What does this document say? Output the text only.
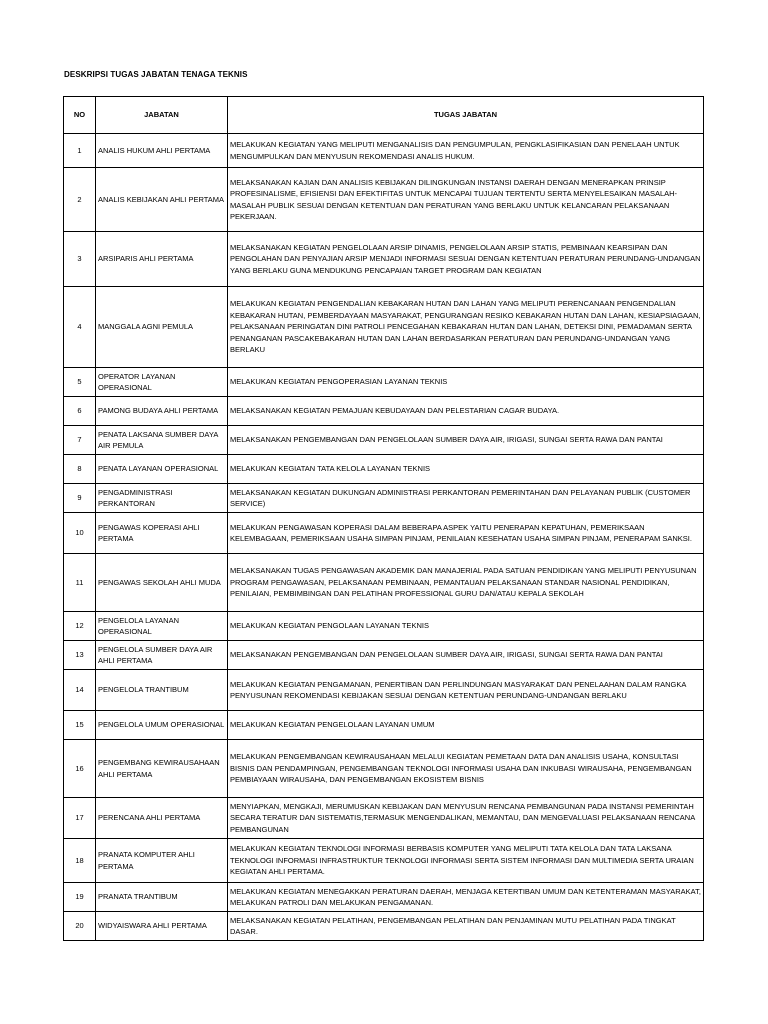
DESKRIPSI TUGAS JABATAN TENAGA TEKNIS
NO	JABATAN	TUGAS JABATAN
1	ANALIS HUKUM AHLI PERTAMA	MELAKUKAN KEGIATAN YANG MELIPUTI MENGANALISIS DAN PENGUMPULAN, PENGKLASIFIKASIAN DAN PENELAAH UNTUK MENGUMPULKAN DAN MENYUSUN REKOMENDASI ANALIS HUKUM.
2	ANALIS KEBIJAKAN AHLI PERTAMA	MELAKSANAKAN KAJIAN DAN ANALISIS KEBIJAKAN DILINGKUNGAN INSTANSI DAERAH DENGAN MENERAPKAN PRINSIP PROFESINALISME, EFISIENSI DAN EFEKTIFITAS UNTUK MENCAPAI TUJUAN TERTENTU SERTA MENYELESAIKAN MASALAH-MASALAH PUBLIK SESUAI DENGAN KETENTUAN DAN PERATURAN YANG BERLAKU UNTUK KELANCARAN PELAKSANAAN PEKERJAAN.
3	ARSIPARIS AHLI PERTAMA	MELAKSANAKAN KEGIATAN PENGELOLAAN ARSIP DINAMIS, PENGELOLAAN ARSIP STATIS, PEMBINAAN KEARSIPAN DAN PENGOLAHAN DAN PENYAJIAN ARSIP MENJADI INFORMASI SESUAI DENGAN KETENTUAN PERATURAN PERUNDANG-UNDANGAN YANG BERLAKU GUNA MENDUKUNG PENCAPAIAN TARGET PROGRAM DAN KEGIATAN
4	MANGGALA AGNI PEMULA	MELAKUKAN KEGIATAN PENGENDALIAN KEBAKARAN HUTAN DAN LAHAN YANG MELIPUTI PERENCANAAN PENGENDALIAN KEBAKARAN HUTAN, PEMBERDAYAAN MASYARAKAT, PENGURANGAN RESIKO KEBAKARAN HUTAN DAN LAHAN, KESIAPSIAGAAN, PELAKSANAAN PERINGATAN DINI PATROLI PENCEGAHAN KEBAKARAN HUTAN DAN LAHAN, DETEKSI DINI, PEMADAMAN SERTA PENANGANAN PASCAKEBAKARAN HUTAN DAN LAHAN BERDASARKAN PERATURAN DAN PERUNDANG-UNDANGAN YANG BERLAKU
5	OPERATOR LAYANAN OPERASIONAL	MELAKUKAN KEGIATAN PENGOPERASIAN LAYANAN TEKNIS
6	PAMONG BUDAYA AHLI PERTAMA	MELAKSANAKAN KEGIATAN PEMAJUAN KEBUDAYAAN DAN PELESTARIAN CAGAR BUDAYA.
7	PENATA LAKSANA SUMBER DAYA AIR PEMULA	MELAKSANAKAN PENGEMBANGAN DAN PENGELOLAAN SUMBER DAYA AIR, IRIGASI, SUNGAI SERTA RAWA DAN PANTAI
8	PENATA LAYANAN OPERASIONAL	MELAKUKAN KEGIATAN TATA KELOLA LAYANAN TEKNIS
9	PENGADMINISTRASI PERKANTORAN	MELAKSANAKAN KEGIATAN DUKUNGAN ADMINISTRASI PERKANTORAN PEMERINTAHAN DAN PELAYANAN PUBLIK (CUSTOMER SERVICE)
10	PENGAWAS KOPERASI AHLI PERTAMA	MELAKUKAN PENGAWASAN KOPERASI DALAM BEBERAPA ASPEK YAITU PENERAPAN KEPATUHAN, PEMERIKSAAN KELEMBAGAAN, PEMERIKSAAN USAHA SIMPAN PINJAM, PENILAIAN KESEHATAN USAHA SIMPAN PINJAM, PENERAPAM SANKSI.
11	PENGAWAS SEKOLAH AHLI MUDA	MELAKSANAKAN TUGAS PENGAWASAN AKADEMIK DAN MANAJERIAL PADA SATUAN PENDIDIKAN YANG MELIPUTI PENYUSUNAN PROGRAM PENGAWASAN, PELAKSANAAN PEMBINAAN, PEMANTAUAN PELAKSANAAN STANDAR NASIONAL PENDIDIKAN, PENILAIAN, PEMBIMBINGAN DAN PELATIHAN PROFESSIONAL GURU DAN/ATAU KEPALA SEKOLAH
12	PENGELOLA LAYANAN OPERASIONAL	MELAKUKAN KEGIATAN PENGOLAAN LAYANAN TEKNIS
13	PENGELOLA SUMBER DAYA AIR AHLI PERTAMA	MELAKSANAKAN PENGEMBANGAN DAN PENGELOLAAN SUMBER DAYA AIR, IRIGASI, SUNGAI SERTA RAWA DAN PANTAI
14	PENGELOLA TRANTIBUM	MELAKUKAN KEGIATAN PENGAMANAN, PENERTIBAN DAN PERLINDUNGAN MASYARAKAT DAN PENELAAHAN DALAM RANGKA PENYUSUNAN REKOMENDASI KEBIJAKAN SESUAI DENGAN KETENTUAN PERUNDANG-UNDANGAN BERLAKU
15	PENGELOLA UMUM OPERASIONAL	MELAKUKAN KEGIATAN PENGELOLAAN LAYANAN UMUM
16	PENGEMBANG KEWIRAUSAHAAN AHLI PERTAMA	MELAKUKAN PENGEMBANGAN KEWIRAUSAHAAN MELALUI KEGIATAN PEMETAAN DATA DAN ANALISIS USAHA, KONSULTASI BISNIS DAN PENDAMPINGAN, PENGEMBANGAN TEKNOLOGI INFORMASI USAHA DAN INKUBASI WIRAUSAHA, PENGEMBANGAN PEMBIAYAAN WIRAUSAHA, DAN PENGEMBANGAN EKOSISTEM BISNIS
17	PERENCANA AHLI PERTAMA	MENYIAPKAN, MENGKAJI, MERUMUSKAN KEBIJAKAN DAN MENYUSUN RENCANA PEMBANGUNAN PADA INSTANSI PEMERINTAH SECARA TERATUR DAN SISTEMATIS,TERMASUK MENGENDALIKAN, MEMANTAU, DAN MENGEVALUASI PELAKSANAAN RENCANA PEMBANGUNAN
18	PRANATA KOMPUTER AHLI PERTAMA	MELAKUKAN KEGIATAN TEKNOLOGI INFORMASI BERBASIS KOMPUTER YANG MELIPUTI TATA KELOLA DAN TATA LAKSANA TEKNOLOGI INFORMASI INFRASTRUKTUR TEKNOLOGI INFORMASI SERTA SISTEM INFORMASI DAN MULTIMEDIA SERTA URAIAN KEGIATAN AHLI PERTAMA.
19	PRANATA TRANTIBUM	MELAKUKAN KEGIATAN MENEGAKKAN PERATURAN DAERAH, MENJAGA KETERTIBAN UMUM DAN KETENTERAMAN MASYARAKAT, MELAKUKAN PATROLI DAN MELAKUKAN PENGAMANAN.
20	WIDYAISWARA AHLI PERTAMA	MELAKSANAKAN KEGIATAN PELATIHAN, PENGEMBANGAN PELATIHAN DAN PENJAMINAN MUTU PELATIHAN PADA TINGKAT DASAR.
